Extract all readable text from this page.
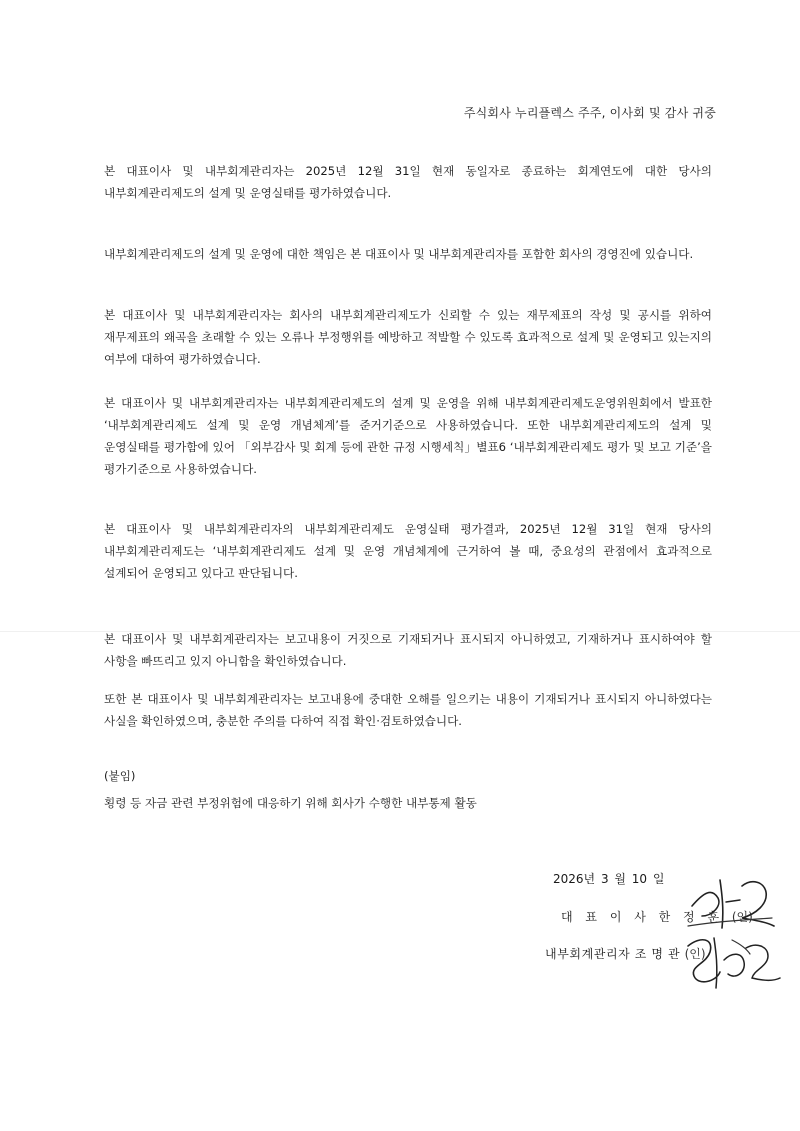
주식회사 누리플렉스 주주, 이사회 및 감사 귀중

본 대표이사 및 내부회계관리자는 2025년 12월 31일 현재 동일자로 종료하는 회계연도에 대한 당사의 내부회계관리제도의 설계 및 운영실태를 평가하였습니다.

내부회계관리제도의 설계 및 운영에 대한 책임은 본 대표이사 및 내부회계관리자를 포함한 회사의 경영진에 있습니다.

본 대표이사 및 내부회계관리자는 회사의 내부회계관리제도가 신뢰할 수 있는 재무제표의 작성 및 공시를 위하여 재무제표의 왜곡을 초래할 수 있는 오류나 부정행위를 예방하고 적발할 수 있도록 효과적으로 설계 및 운영되고 있는지의 여부에 대하여 평가하였습니다.

본 대표이사 및 내부회계관리자는 내부회계관리제도의 설계 및 운영을 위해 내부회계관리제도운영위원회에서 발표한 ‘내부회계관리제도 설계 및 운영 개념체계’를 준거기준으로 사용하였습니다. 또한 내부회계관리제도의 설계 및 운영실태를 평가함에 있어 「외부감사 및 회계 등에 관한 규정 시행세칙」별표6 ‘내부회계관리제도 평가 및 보고 기준’을 평가기준으로 사용하였습니다.

본 대표이사 및 내부회계관리자의 내부회계관리제도 운영실태 평가결과, 2025년 12월 31일 현재 당사의 내부회계관리제도는 ‘내부회계관리제도 설계 및 운영 개념체계에 근거하여 볼 때, 중요성의 관점에서 효과적으로 설계되어 운영되고 있다고 판단됩니다.

본 대표이사 및 내부회계관리자는 보고내용이 거짓으로 기재되거나 표시되지 아니하였고, 기재하거나 표시하여야 할 사항을 빠뜨리고 있지 아니함을 확인하였습니다.

또한 본 대표이사 및 내부회계관리자는 보고내용에 중대한 오해를 일으키는 내용이 기재되거나 표시되지 아니하였다는 사실을 확인하였으며, 충분한 주의를 다하여 직접 확인·검토하였습니다.

(붙임)
횡령 등 자금 관련 부정위험에 대응하기 위해 회사가 수행한 내부통제 활동
2026년 3 월 10 일
대 표 이 사 한 정 훈 (인)
내부회계관리자 조 명 관 (인)
